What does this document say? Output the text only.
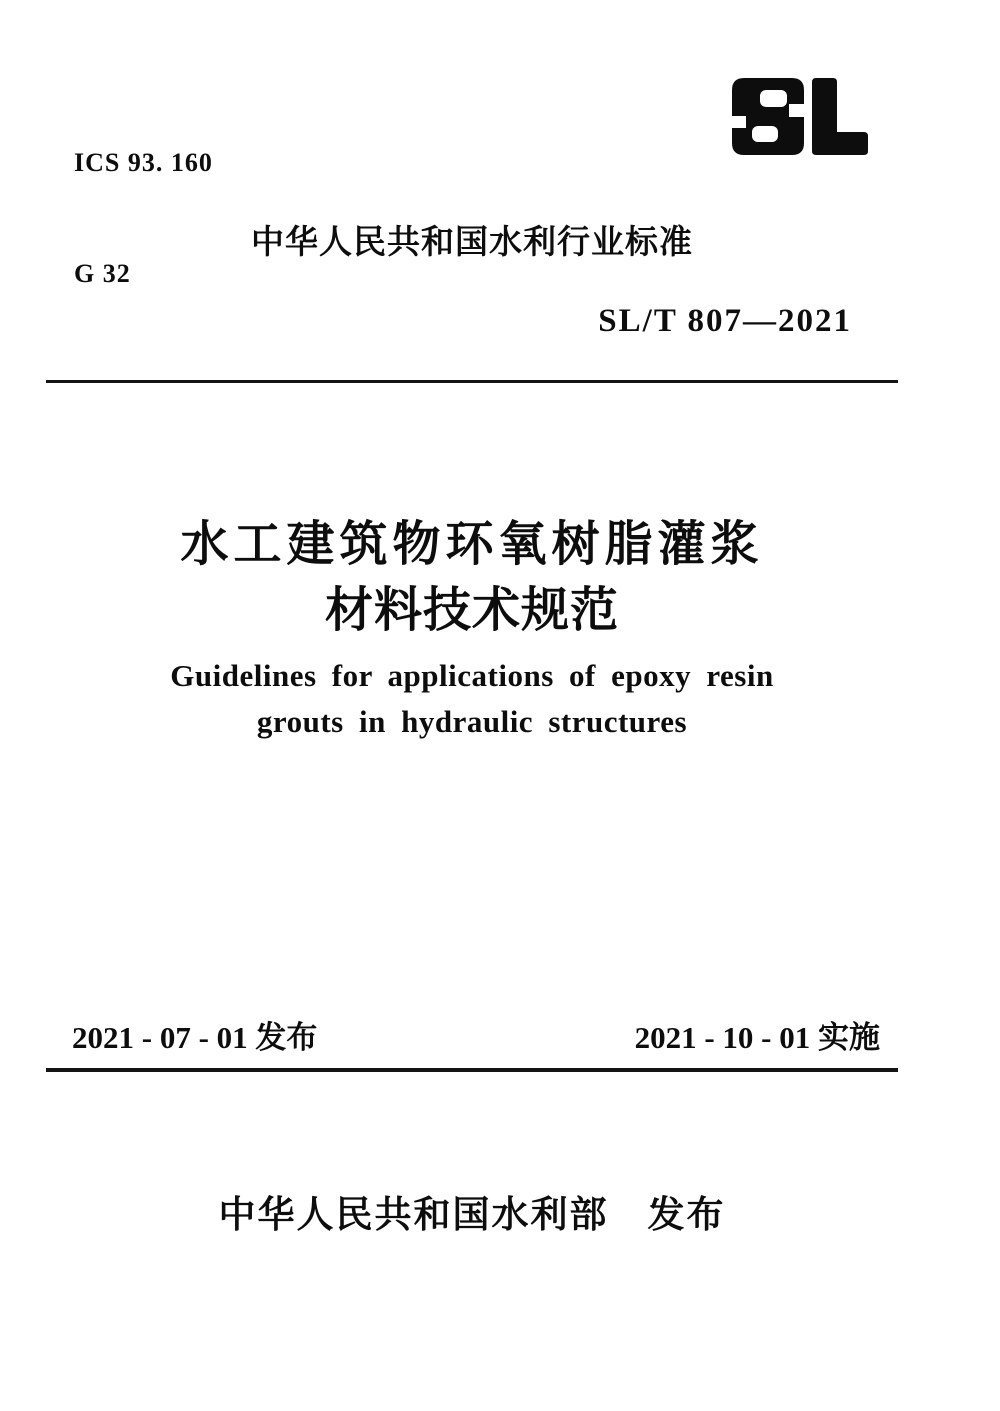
ICS 93. 160

G 32

中华人民共和国水利行业标准
SL/T 807—2021
水工建筑物环氧树脂灌浆
材料技术规范
Guidelines for applications of epoxy resin
grouts in hydraulic structures
2021 - 07 - 01 发布	2021 - 10 - 01 实施
中华人民共和国水利部　发布
